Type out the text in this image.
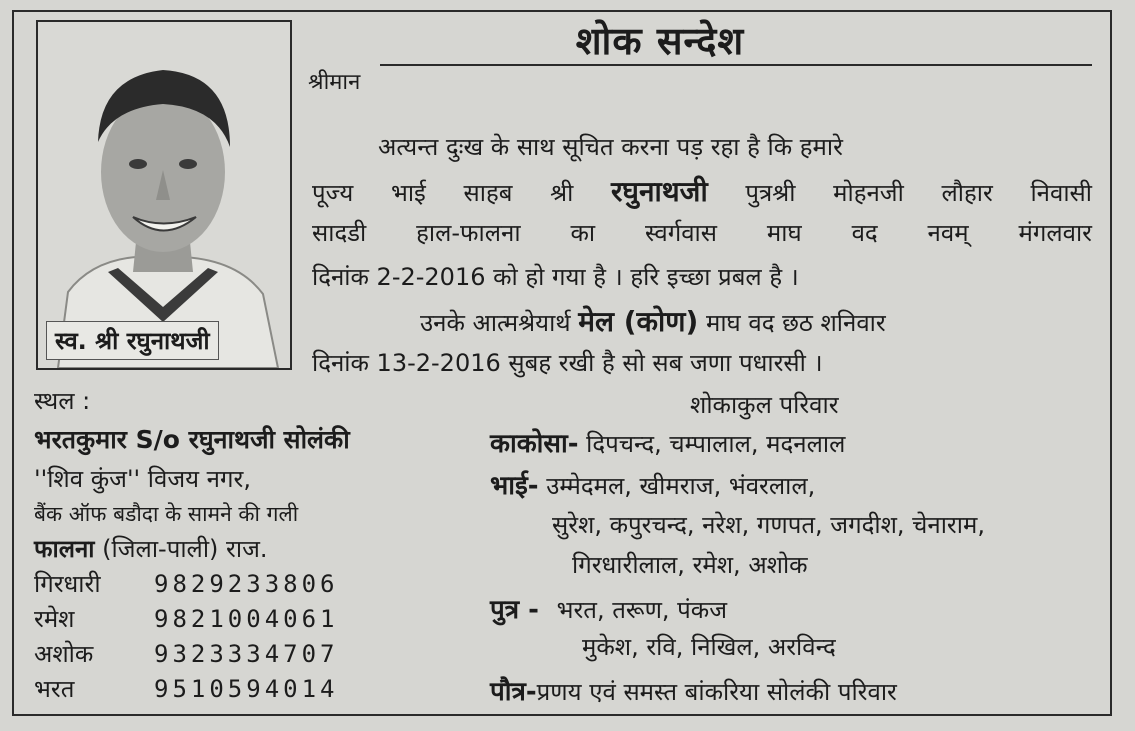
स्व. श्री रघुनाथजी
शोक सन्देश
श्रीमान
अत्यन्त दुःख के साथ सूचित करना पड़ रहा है कि हमारे
पूज्य भाई साहब श्री रघुनाथजी पुत्रश्री मोहनजी लौहार निवासी
सादडी हाल-फालना का स्वर्गवास माघ वद नवम् मंगलवार
दिनांक 2-2-2016 को हो गया है । हरि इच्छा प्रबल है ।
उनके आत्मश्रेयार्थ मेल (कोण) माघ वद छठ शनिवार
दिनांक 13-2-2016 सुबह रखी है सो सब जणा पधारसी ।
शोकाकुल परिवार
स्थल :
भरतकुमार S/o रघुनाथजी सोलंकी
''शिव कुंज'' विजय नगर,
बैंक ऑफ बडौदा के सामने की गली
फालना (जिला-पाली) राज.
गिरधारी	9829233806
रमेश	9821004061
अशोक	9323334707
भरत	9510594014
काकोसा- दिपचन्द, चम्पालाल, मदनलाल
भाई- उम्मेदमल, खीमराज, भंवरलाल,
सुरेश, कपुरचन्द, नरेश, गणपत, जगदीश, चेनाराम,
गिरधारीलाल, रमेश, अशोक
पुत्र - भरत, तरूण, पंकज
मुकेश, रवि, निखिल, अरविन्द
पौत्र-प्रणय एवं समस्त बांकरिया सोलंकी परिवार
